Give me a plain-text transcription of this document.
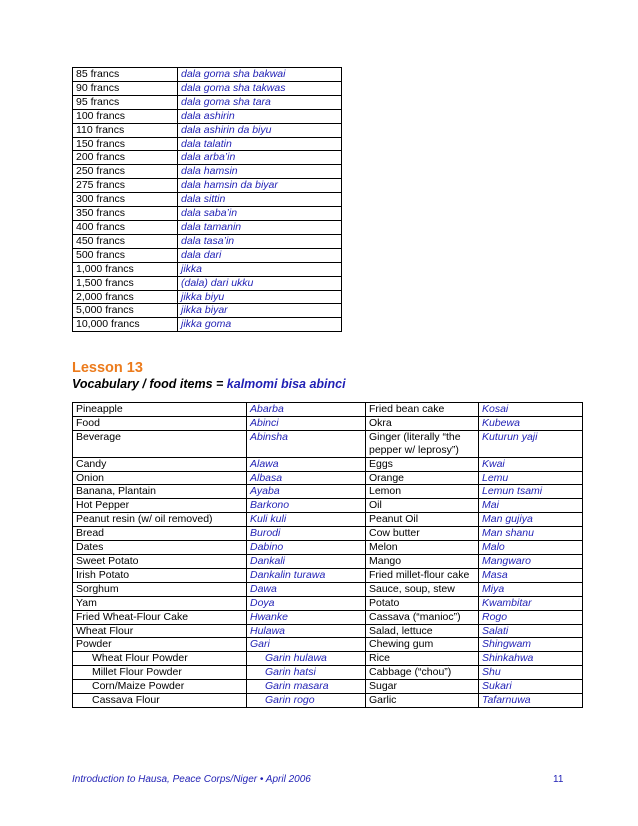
85 francs	dala goma sha bakwai
90 francs	dala goma sha takwas
95 francs	dala goma sha tara
100 francs	dala ashirin
110 francs	dala ashirin da biyu
150 francs	dala talatin
200 francs	dala arba’in
250 francs	dala hamsin
275 francs	dala hamsin da biyar
300 francs	dala sittin
350 francs	dala saba’in
400 francs	dala tamanin
450 francs	dala tasa’in
500 francs	dala dari
1,000 francs	jikka
1,500 francs	(dala) dari ukku
2,000 francs	jikka biyu
5,000 francs	jikka biyar
10,000 francs	jikka goma
Lesson 13
Vocabulary / food items = kalmomi bisa abinci
Pineapple	Abarba	Fried bean cake	Kosai
Food	Abinci	Okra	Kubewa
Beverage	Abinsha	Ginger (literally “the pepper w/ leprosy”)	Kuturun yaji
Candy	Alawa	Eggs	Kwai
Onion	Albasa	Orange	Lemu
Banana, Plantain	Ayaba	Lemon	Lemun tsami
Hot Pepper	Barkono	Oil	Mai
Peanut resin (w/ oil removed)	Kuli kuli	Peanut Oil	Man gujiya
Bread	Burodi	Cow butter	Man shanu
Dates	Dabino	Melon	Malo
Sweet Potato	Dankali	Mango	Mangwaro
Irish Potato	Dankalin turawa	Fried millet-flour cake	Masa
Sorghum	Dawa	Sauce, soup, stew	Miya
Yam	Doya	Potato	Kwambitar
Fried Wheat-Flour Cake	Hwanke	Cassava (“manioc”)	Rogo
Wheat Flour	Hulawa	Salad, lettuce	Salati
Powder	Gari	Chewing gum	Shingwam
Wheat Flour Powder	Garin hulawa	Rice	Shinkahwa
Millet Flour Powder	Garin hatsi	Cabbage (“chou”)	Shu
Corn/Maize Powder	Garin masara	Sugar	Sukari
Cassava Flour	Garin rogo	Garlic	Tafarnuwa
Introduction to Hausa, Peace Corps/Niger • April 2006	11
